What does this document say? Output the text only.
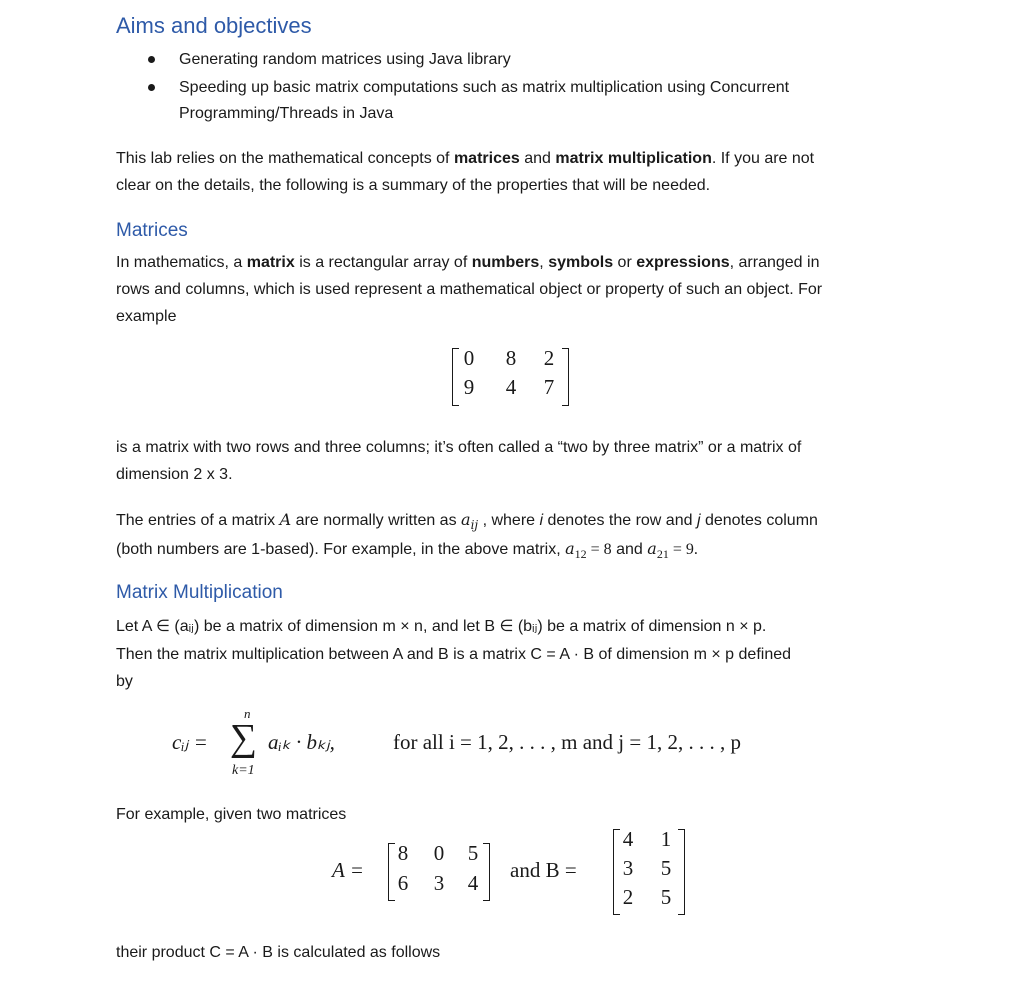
Aims and objectives
Generating random matrices using Java library
Speeding up basic matrix computations such as matrix multiplication using Concurrent
Programming/Threads in Java
This lab relies on the mathematical concepts of matrices and matrix multiplication. If you are not
clear on the details, the following is a summary of the properties that will be needed.
Matrices
In mathematics, a matrix is a rectangular array of numbers, symbols or expressions, arranged in
rows and columns, which is used represent a mathematical object or property of such an object. For
example
0 8 2
9 4 7
is a matrix with two rows and three columns; it’s often called a “two by three matrix” or a matrix of
dimension 2 x 3.
The entries of a matrix A are normally written as $a_{ij}$ , where i denotes the row and j denotes column
(both numbers are 1-based). For example, in the above matrix, $a_{12} = 8$ and $a_{21} = 9$.
Matrix Multiplication
Let A ∈ (aᵢⱼ) be a matrix of dimension m × n, and let B ∈ (bᵢⱼ) be a matrix of dimension n × p.
Then the matrix multiplication between A and B is a matrix C = A · B of dimension m × p defined
by
cᵢⱼ =
n
∑
k=1
aᵢₖ · bₖⱼ,	for all i = 1, 2, . . . , m and j = 1, 2, . . . , p
For example, given two matrices
A =
8 0 5
6 3 4
and B =
4 1
3 5
2 5
their product C = A · B is calculated as follows
